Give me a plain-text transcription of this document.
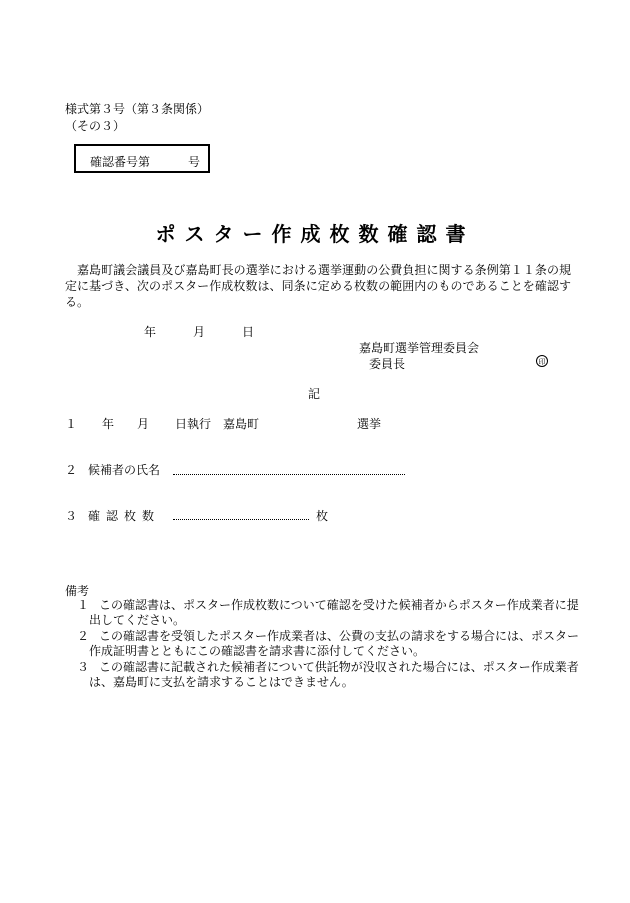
様式第３号（第３条関係）
（その３）
確認番号第	号
ポスター作成枚数確認書
嘉島町議会議員及び嘉島町長の選挙における選挙運動の公費負担に関する条例第１１条の規定に基づき、次のポスター作成枚数は、同条に定める枚数の範囲内のものであることを確認する。
年	月	日
嘉島町選挙管理委員会
委員長	印
記
１ 年 月 日執行　嘉島町	選挙
２ 候補者の氏名
３ 確認枚数	枚
備考
１ この確認書は、ポスター作成枚数について確認を受けた候補者からポスター作成業者に提出してください。
２ この確認書を受領したポスター作成業者は、公費の支払の請求をする場合には、ポスター作成証明書とともにこの確認書を請求書に添付してください。
３ この確認書に記載された候補者について供託物が没収された場合には、ポスター作成業者は、嘉島町に支払を請求することはできません。
